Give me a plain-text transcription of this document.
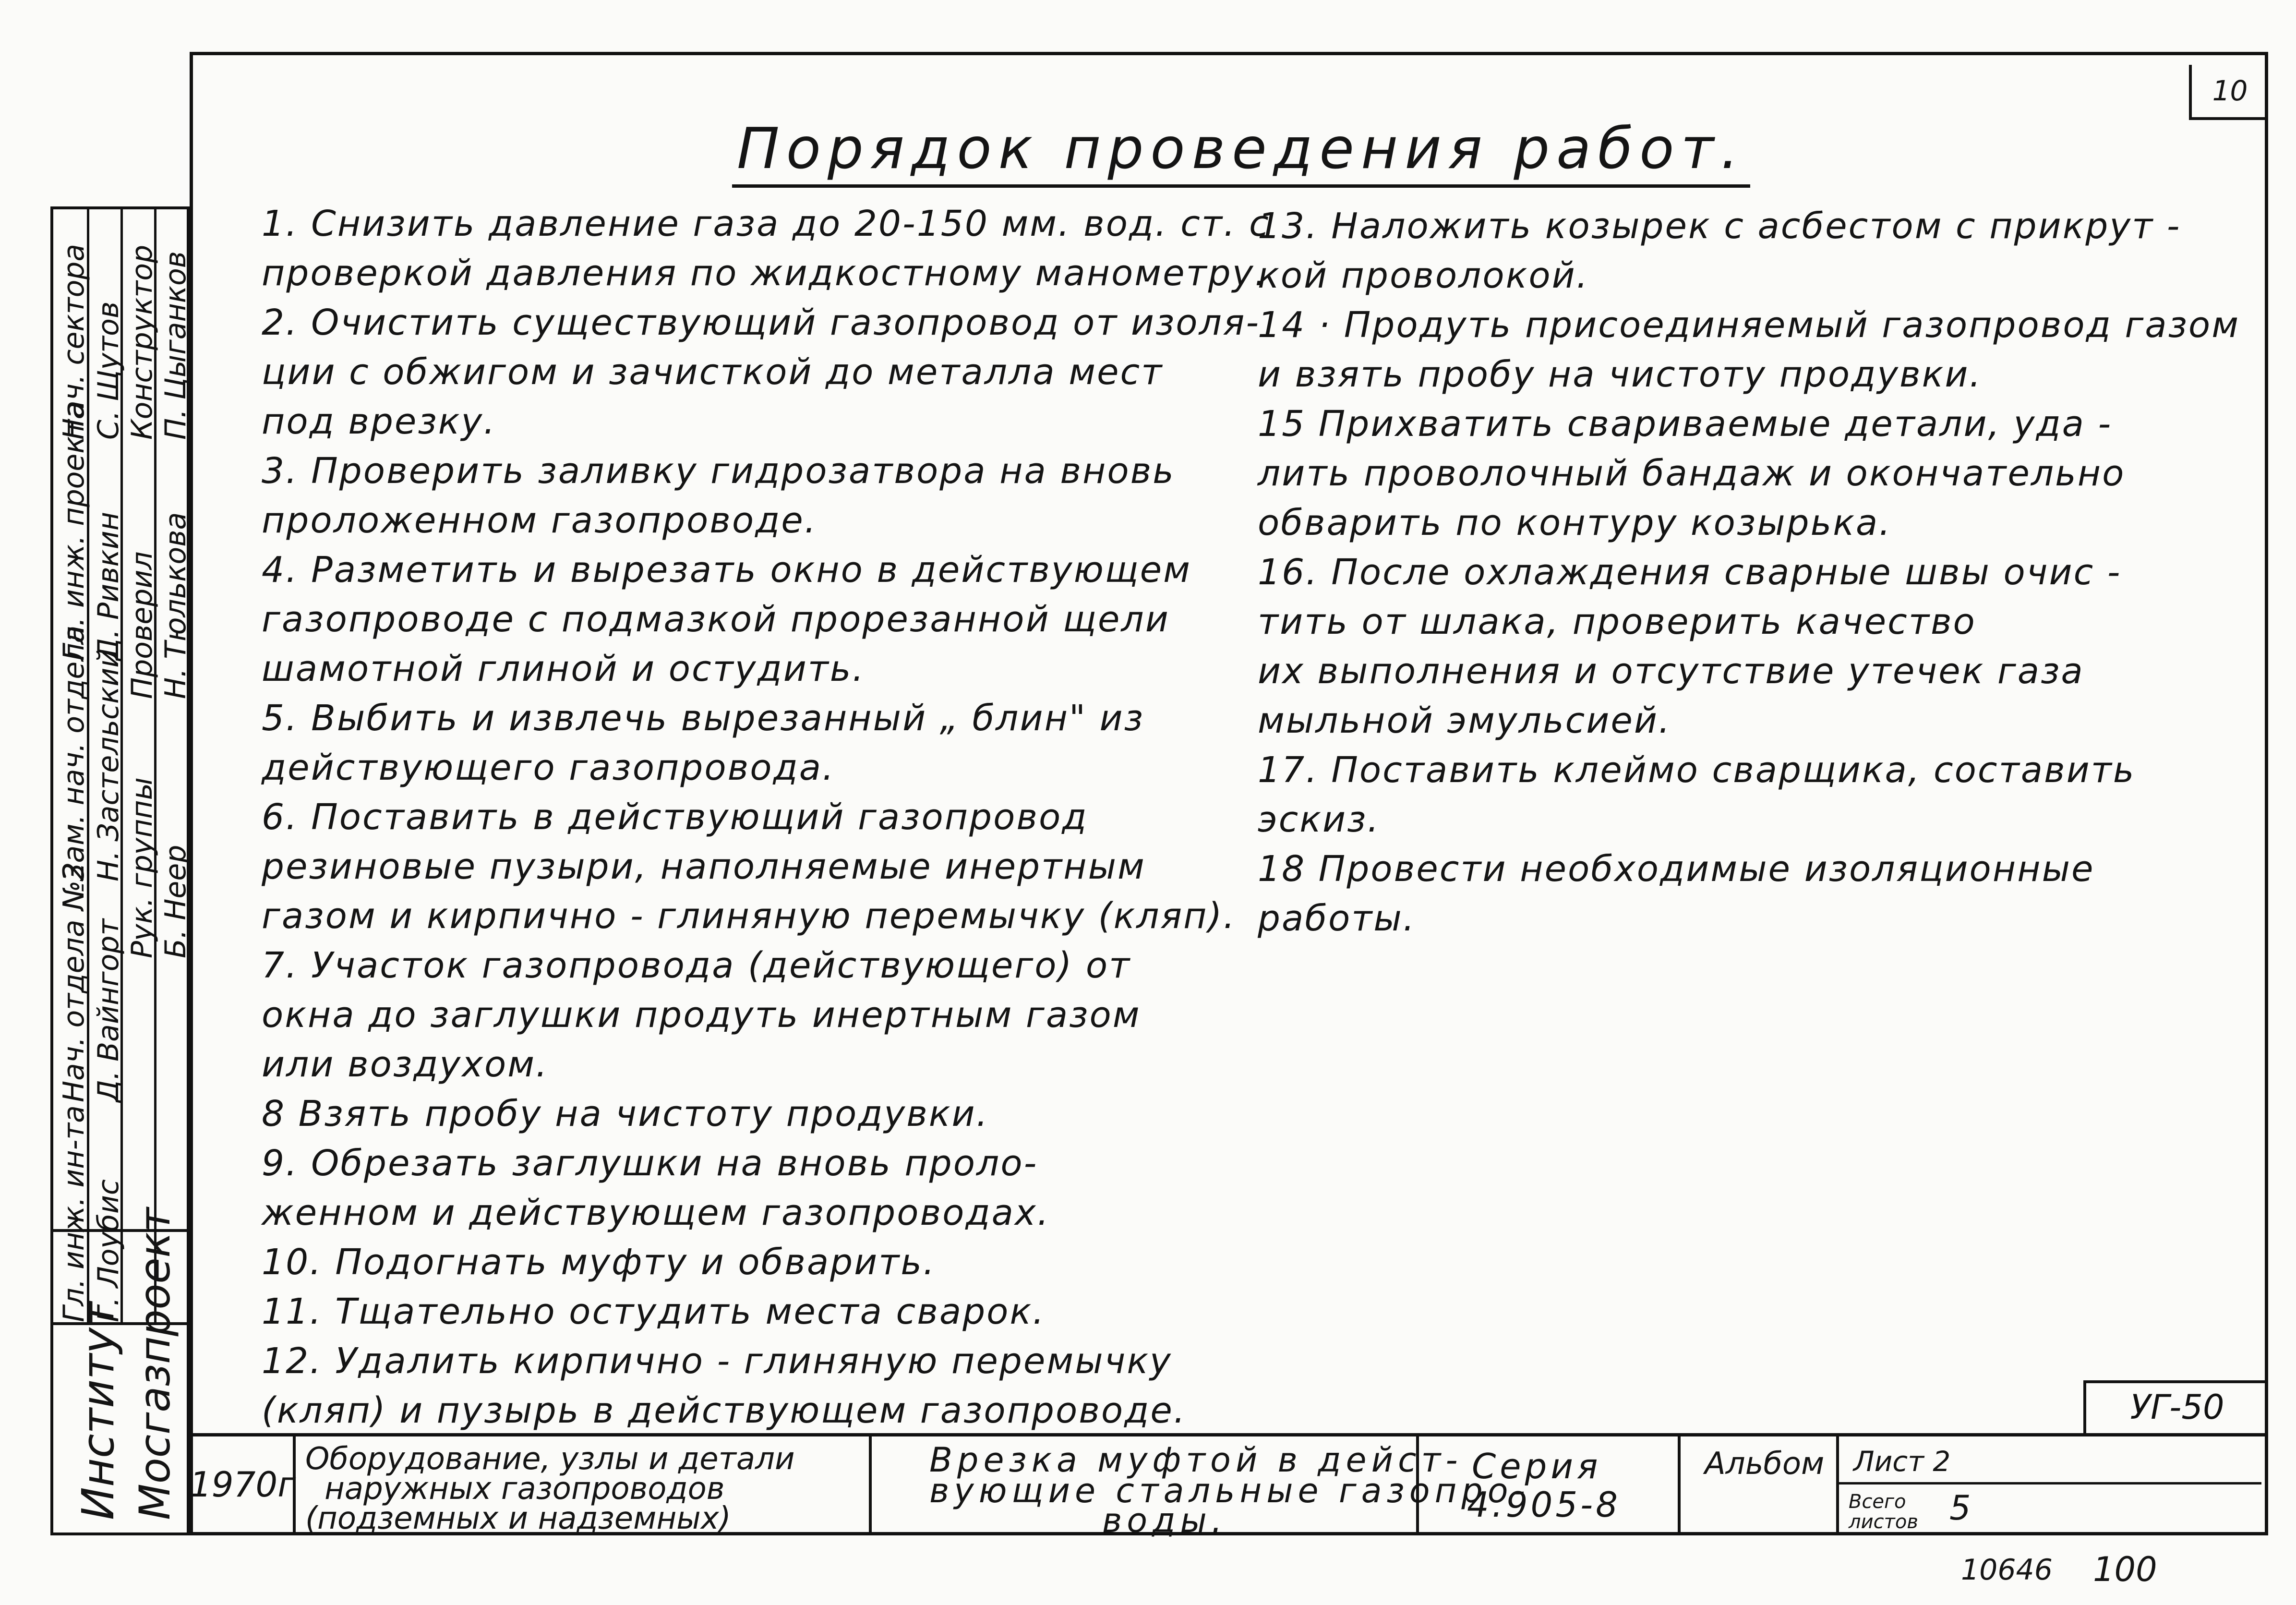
10
Порядок проведения работ.
1. Снизить давление газа до 20-150 мм. вод. ст. с
проверкой давления по жидкостному манометру.
2. Очистить существующий газопровод от изоля-
ции с обжигом и зачисткой до металла мест
под врезку.
3. Проверить заливку гидрозатвора на вновь
проложенном газопроводе.
4. Разметить и вырезать окно в действующем
газопроводе с подмазкой прорезанной щели
шамотной глиной и остудить.
5. Выбить и извлечь вырезанный „ блин" из
действующего газопровода.
6. Поставить в действующий газопровод
резиновые пузыри, наполняемые инертным
газом и кирпично - глиняную перемычку (кляп).
7. Участок газопровода (действующего) от
окна до заглушки продуть инертным газом
или воздухом.
8 Взять пробу на чистоту продувки.
9. Обрезать заглушки на вновь проло-
женном и действующем газопроводах.
10. Подогнать муфту и обварить.
11. Тщательно остудить места сварок.
12. Удалить кирпично - глиняную перемычку
(кляп) и пузырь в действующем газопроводе.
13. Наложить козырек с асбестом с прикрут -
кой проволокой.
14 · Продуть присоединяемый газопровод газом
и взять пробу на чистоту продувки.
15 Прихватить свариваемые детали, уда -
лить проволочный бандаж и окончательно
обварить по контуру козырька.
16. После охлаждения сварные швы очис -
тить от шлака, проверить качество
их выполнения и отсутствие утечек газа
мыльной эмульсией.
17. Поставить клеймо сварщика, составить
эскиз.
18 Провести необходимые изоляционные
работы.
Гл. инж. ин-та
Нач. отдела №2
Зам. нач. отдела
Гл. инж. проекта
Нач. сектора
Г. Лоубис
Д. Вайнгорт
Н. Застельский
Д. Ривкин
С. Щутов
Рук. группы
Проверил
Конструктор
Б. Неер
Н. Тюлькова
П. Цыганков
Институт Мосгазпроект	УГ-50
1970г
Оборудование, узлы и детали
наружных газопроводов
(подземных и надземных)
Врезка муфтой в дейст-
вующие стальные газопро-
воды.
Серия
4.905-8
Альбом Лист 2
Всего листов 5
10646 100
